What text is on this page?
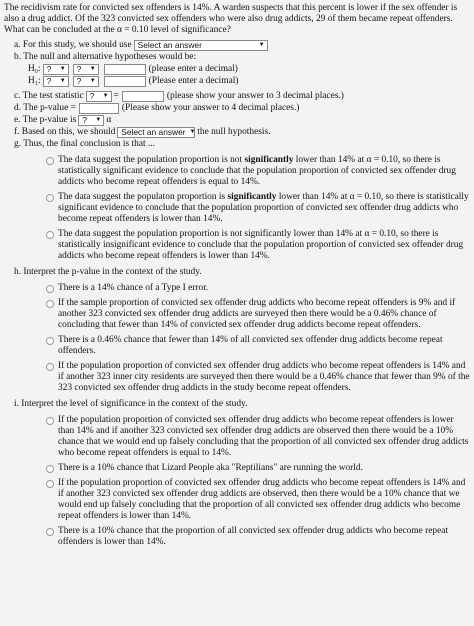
The recidivism rate for convicted sex offenders is 14%. A warden suspects that this percent is lower if the sex offender is also a drug addict. Of the 323 convicted sex offenders who were also drug addicts, 29 of them became repeat offenders. What can be concluded at the α = 0.10 level of significance?
a. For this study, we should use Select an answer	▼
b. The null and alternative hypotheses would be:
H₀: ? ▼ ? ▼	(please enter a decimal)
H₁: ? ▼ ? ▼	(Please enter a decimal)
c. The test statistic ? ▼ =	(please show your answer to 3 decimal places.)
d. The p-value =	(Please show your answer to 4 decimal places.)
e. The p-value is ? ▼ α
f. Based on this, we should Select an answer ▼ the null hypothesis.
g. Thus, the final conclusion is that ...
The data suggest the population proportion is not significantly lower than 14% at α = 0.10, so there is statistically significant evidence to conclude that the population proportion of convicted sex offender drug addicts who become repeat offenders is equal to 14%.
The data suggest the populaton proportion is significantly lower than 14% at α = 0.10, so there is statistically significant evidence to conclude that the population proportion of convicted sex offender drug addicts who become repeat offenders is lower than 14%.
The data suggest the population proportion is not significantly lower than 14% at α = 0.10, so there is statistically insignificant evidence to conclude that the population proportion of convicted sex offender drug addicts who become repeat offenders is lower than 14%.
h. Interpret the p-value in the context of the study.
There is a 14% chance of a Type I error.
If the sample proportion of convicted sex offender drug addicts who become repeat offenders is 9% and if another 323 convicted sex offender drug addicts are surveyed then there would be a 0.46% chance of concluding that fewer than 14% of convicted sex offender drug addicts become repeat offenders.
There is a 0.46% chance that fewer than 14% of all convicted sex offender drug addicts become repeat offenders.
If the population proportion of convicted sex offender drug addicts who become repeat offenders is 14% and if another 323 inner city residents are surveyed then there would be a 0.46% chance that fewer than 9% of the 323 convicted sex offender drug addicts in the study become repeat offenders.
i. Interpret the level of significance in the context of the study.
If the population proportion of convicted sex offender drug addicts who become repeat offenders is lower than 14% and if another 323 convicted sex offender drug addicts are observed then there would be a 10% chance that we would end up falsely concluding that the proportion of all convicted sex offender drug addicts who become repeat offenders is equal to 14%.
There is a 10% chance that Lizard People aka "Reptilians" are running the world.
If the population proportion of convicted sex offender drug addicts who become repeat offenders is 14% and if another 323 convicted sex offender drug addicts are observed, then there would be a 10% chance that we would end up falsely concluding that the proportion of all convicted sex offender drug addicts who become repeat offenders is lower than 14%.
There is a 10% chance that the proportion of all convicted sex offender drug addicts who become repeat offenders is lower than 14%.
